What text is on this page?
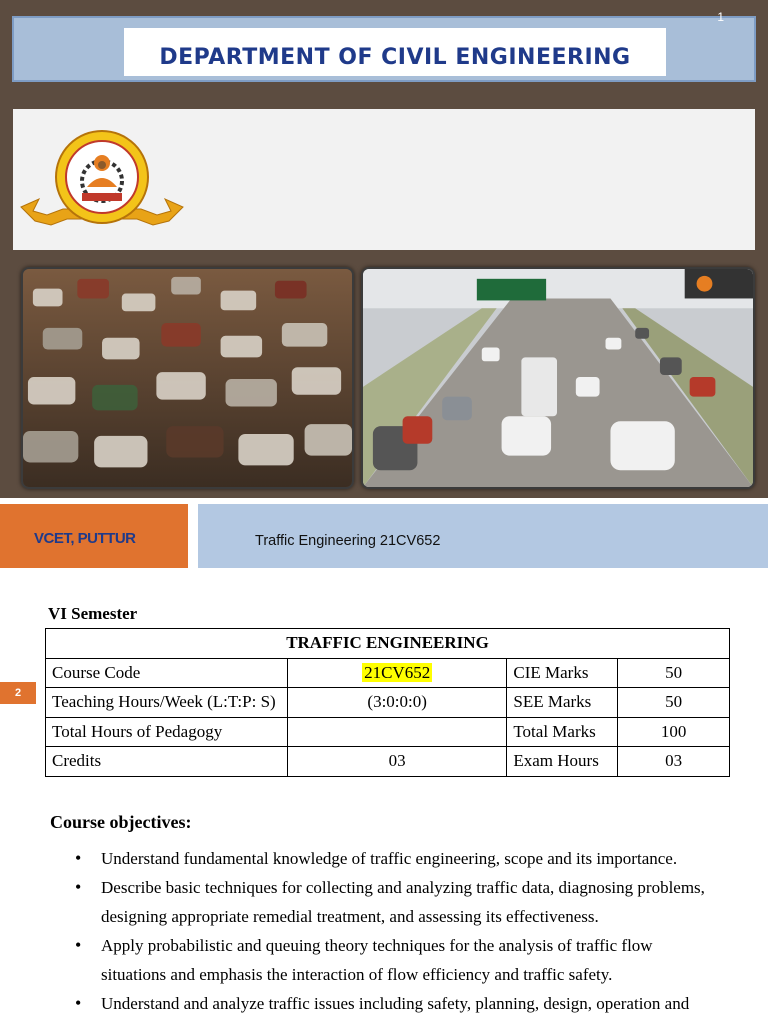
DEPARTMENT OF CIVIL ENGINEERING
1
VCET, PUTTUR	Traffic Engineering 21CV652
2
VI Semester
TRAFFIC ENGINEERING			
Course Code	21CV652	CIE Marks	50
Teaching Hours/Week (L:T:P: S)	(3:0:0:0)	SEE Marks	50
Total Hours of Pedagogy		Total Marks	100
Credits	03	Exam Hours	03
Course objectives:
• Understand fundamental knowledge of traffic engineering, scope and its importance.
• Describe basic techniques for collecting and analyzing traffic data, diagnosing problems, designing appropriate remedial treatment, and assessing its effectiveness.
• Apply probabilistic and queuing theory techniques for the analysis of traffic flow situations and emphasis the interaction of flow efficiency and traffic safety.
• Understand and analyze traffic issues including safety, planning, design, operation and
